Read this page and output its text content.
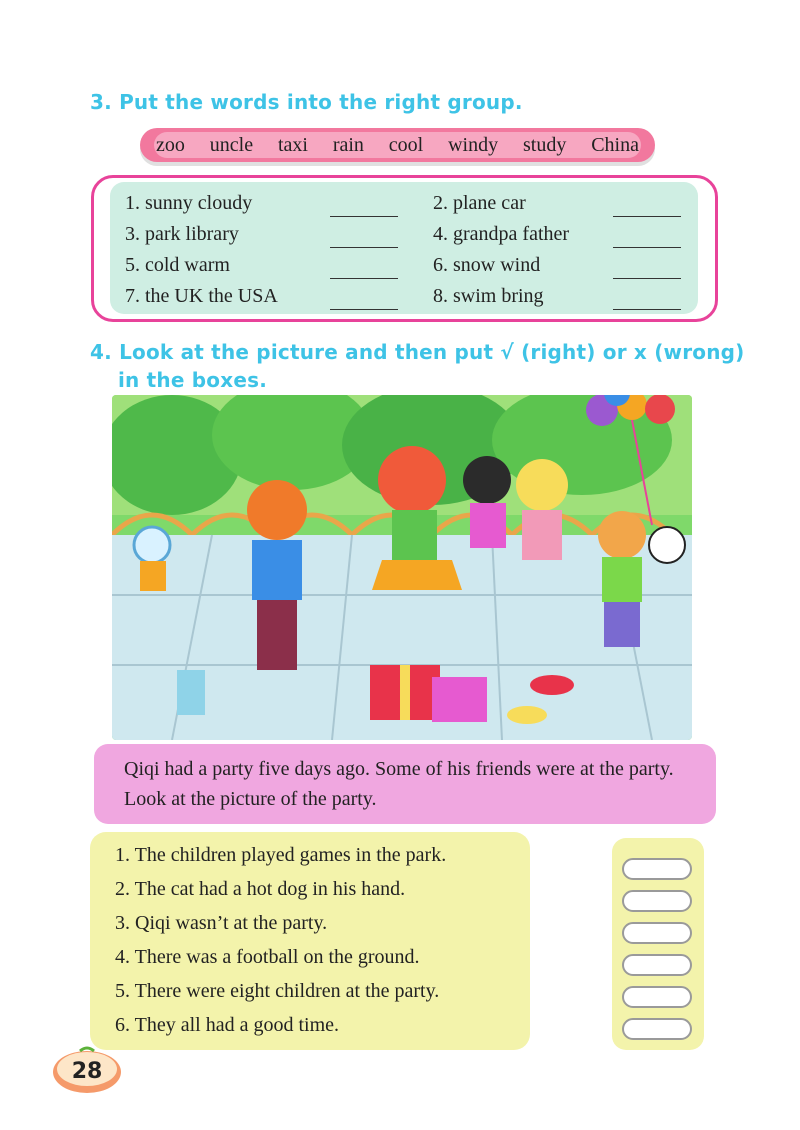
3. Put the words into the right group.
zoo uncle taxi rain cool windy study China
1. sunny cloudy	2. plane car
3. park library	4. grandpa father
5. cold warm	6. snow wind
7. the UK the USA	8. swim bring
4. Look at the picture and then put √ (right) or x (wrong)
in the boxes.

Qiqi had a party five days ago. Some of his friends were at the party. Look at the picture of the party.

1. The children played games in the park.
2. The cat had a hot dog in his hand.
3. Qiqi wasn’t at the party.
4. There was a football on the ground.
5. There were eight children at the party.
6. They all had a good time.
28
